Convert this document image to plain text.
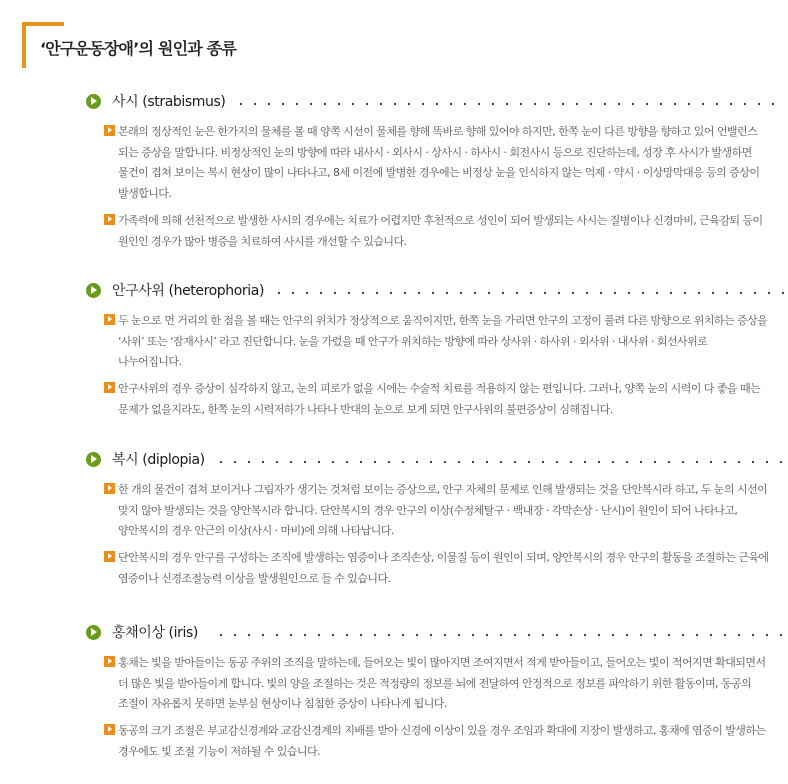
‘안구운동장애’의 원인과 종류
사시 (strabismus)

본래의 정상적인 눈은 한가지의 물체를 볼 때 양쪽 시선이 물체를 향해 똑바로 향해 있어야 하지만, 한쪽 눈이 다른 방향을 향하고 있어 언밸런스 되는 증상을 말합니다. 비정상적인 눈의 방향에 따라 내사시 · 외사시 · 상사시 · 하사시 · 회전사시 등으로 진단하는데, 성장 후 사시가 발생하면 물건이 겹쳐 보이는 복시 현상이 많이 나타나고, 8세 이전에 발병한 경우에는 비정상 눈을 인식하지 않는 억제 · 약시 · 이상망막대응 등의 증상이 발생합니다.

가족력에 의해 선천적으로 발생한 사시의 경우에는 치료가 어렵지만 후천적으로 성인이 되어 발생되는 사시는 질병이나 신경마비, 근육감퇴 등이 원인인 경우가 많아 병증을 치료하여 사시를 개선할 수 있습니다.

안구사위 (heterophoria)

두 눈으로 먼 거리의 한 점을 볼 때는 안구의 위치가 정상적으로 움직이지만, 한쪽 눈을 가리면 안구의 고정이 풀려 다른 방향으로 위치하는 증상을 ‘사위’ 또는 ‘잠재사시’ 라고 진단합니다. 눈을 가렸을 때 안구가 위치하는 방향에 따라 상사위 · 하사위 · 외사위 · 내사위 · 회선사위로 나누어집니다.

안구사위의 경우 증상이 심각하지 않고, 눈의 피로가 없을 시에는 수술적 치료를 적용하지 않는 편입니다. 그러나, 양쪽 눈의 시력이 다 좋을 때는 문제가 없을지라도, 한쪽 눈의 시력저하가 나타나 반대의 눈으로 보게 되면 안구사위의 불편증상이 심해집니다.

복시 (diplopia)

한 개의 물건이 겹쳐 보이거나 그림자가 생기는 것처럼 보이는 증상으로, 안구 자체의 문제로 인해 발생되는 것을 단안복시라 하고, 두 눈의 시선이 맞지 않아 발생되는 것을 양안복시라 합니다. 단안복시의 경우 안구의 이상(수정체탈구 · 백내장 · 각막손상 · 난시)이 원인이 되어 나타나고, 양안복시의 경우 안근의 이상(사시 · 마비)에 의해 나타납니다.

단안복시의 경우 안구를 구성하는 조직에 발생하는 염증이나 조직손상, 이물질 등이 원인이 되며, 양안복시의 경우 안구의 활동을 조절하는 근육에 염증이나 신경조절능력 이상을 발생원인으로 들 수 있습니다.

홍채이상 (iris)

홍채는 빛을 받아들이는 동공 주위의 조직을 말하는데, 들어오는 빛이 많아지면 조여지면서 적게 받아들이고, 들어오는 빛이 적어지면 확대되면서 더 많은 빛을 받아들이게 합니다. 빛의 양을 조절하는 것은 적정량의 정보를 뇌에 전달하여 안정적으로 정보를 파악하기 위한 활동이며, 동공의 조절이 자유롭지 못하면 눈부심 현상이나 침침한 증상이 나타나게 됩니다.

동공의 크기 조절은 부교감신경계와 교감신경계의 지배를 받아 신경에 이상이 있을 경우 조임과 확대에 지장이 발생하고, 홍채에 염증이 발생하는 경우에도 빛 조절 기능이 저하될 수 있습니다.
